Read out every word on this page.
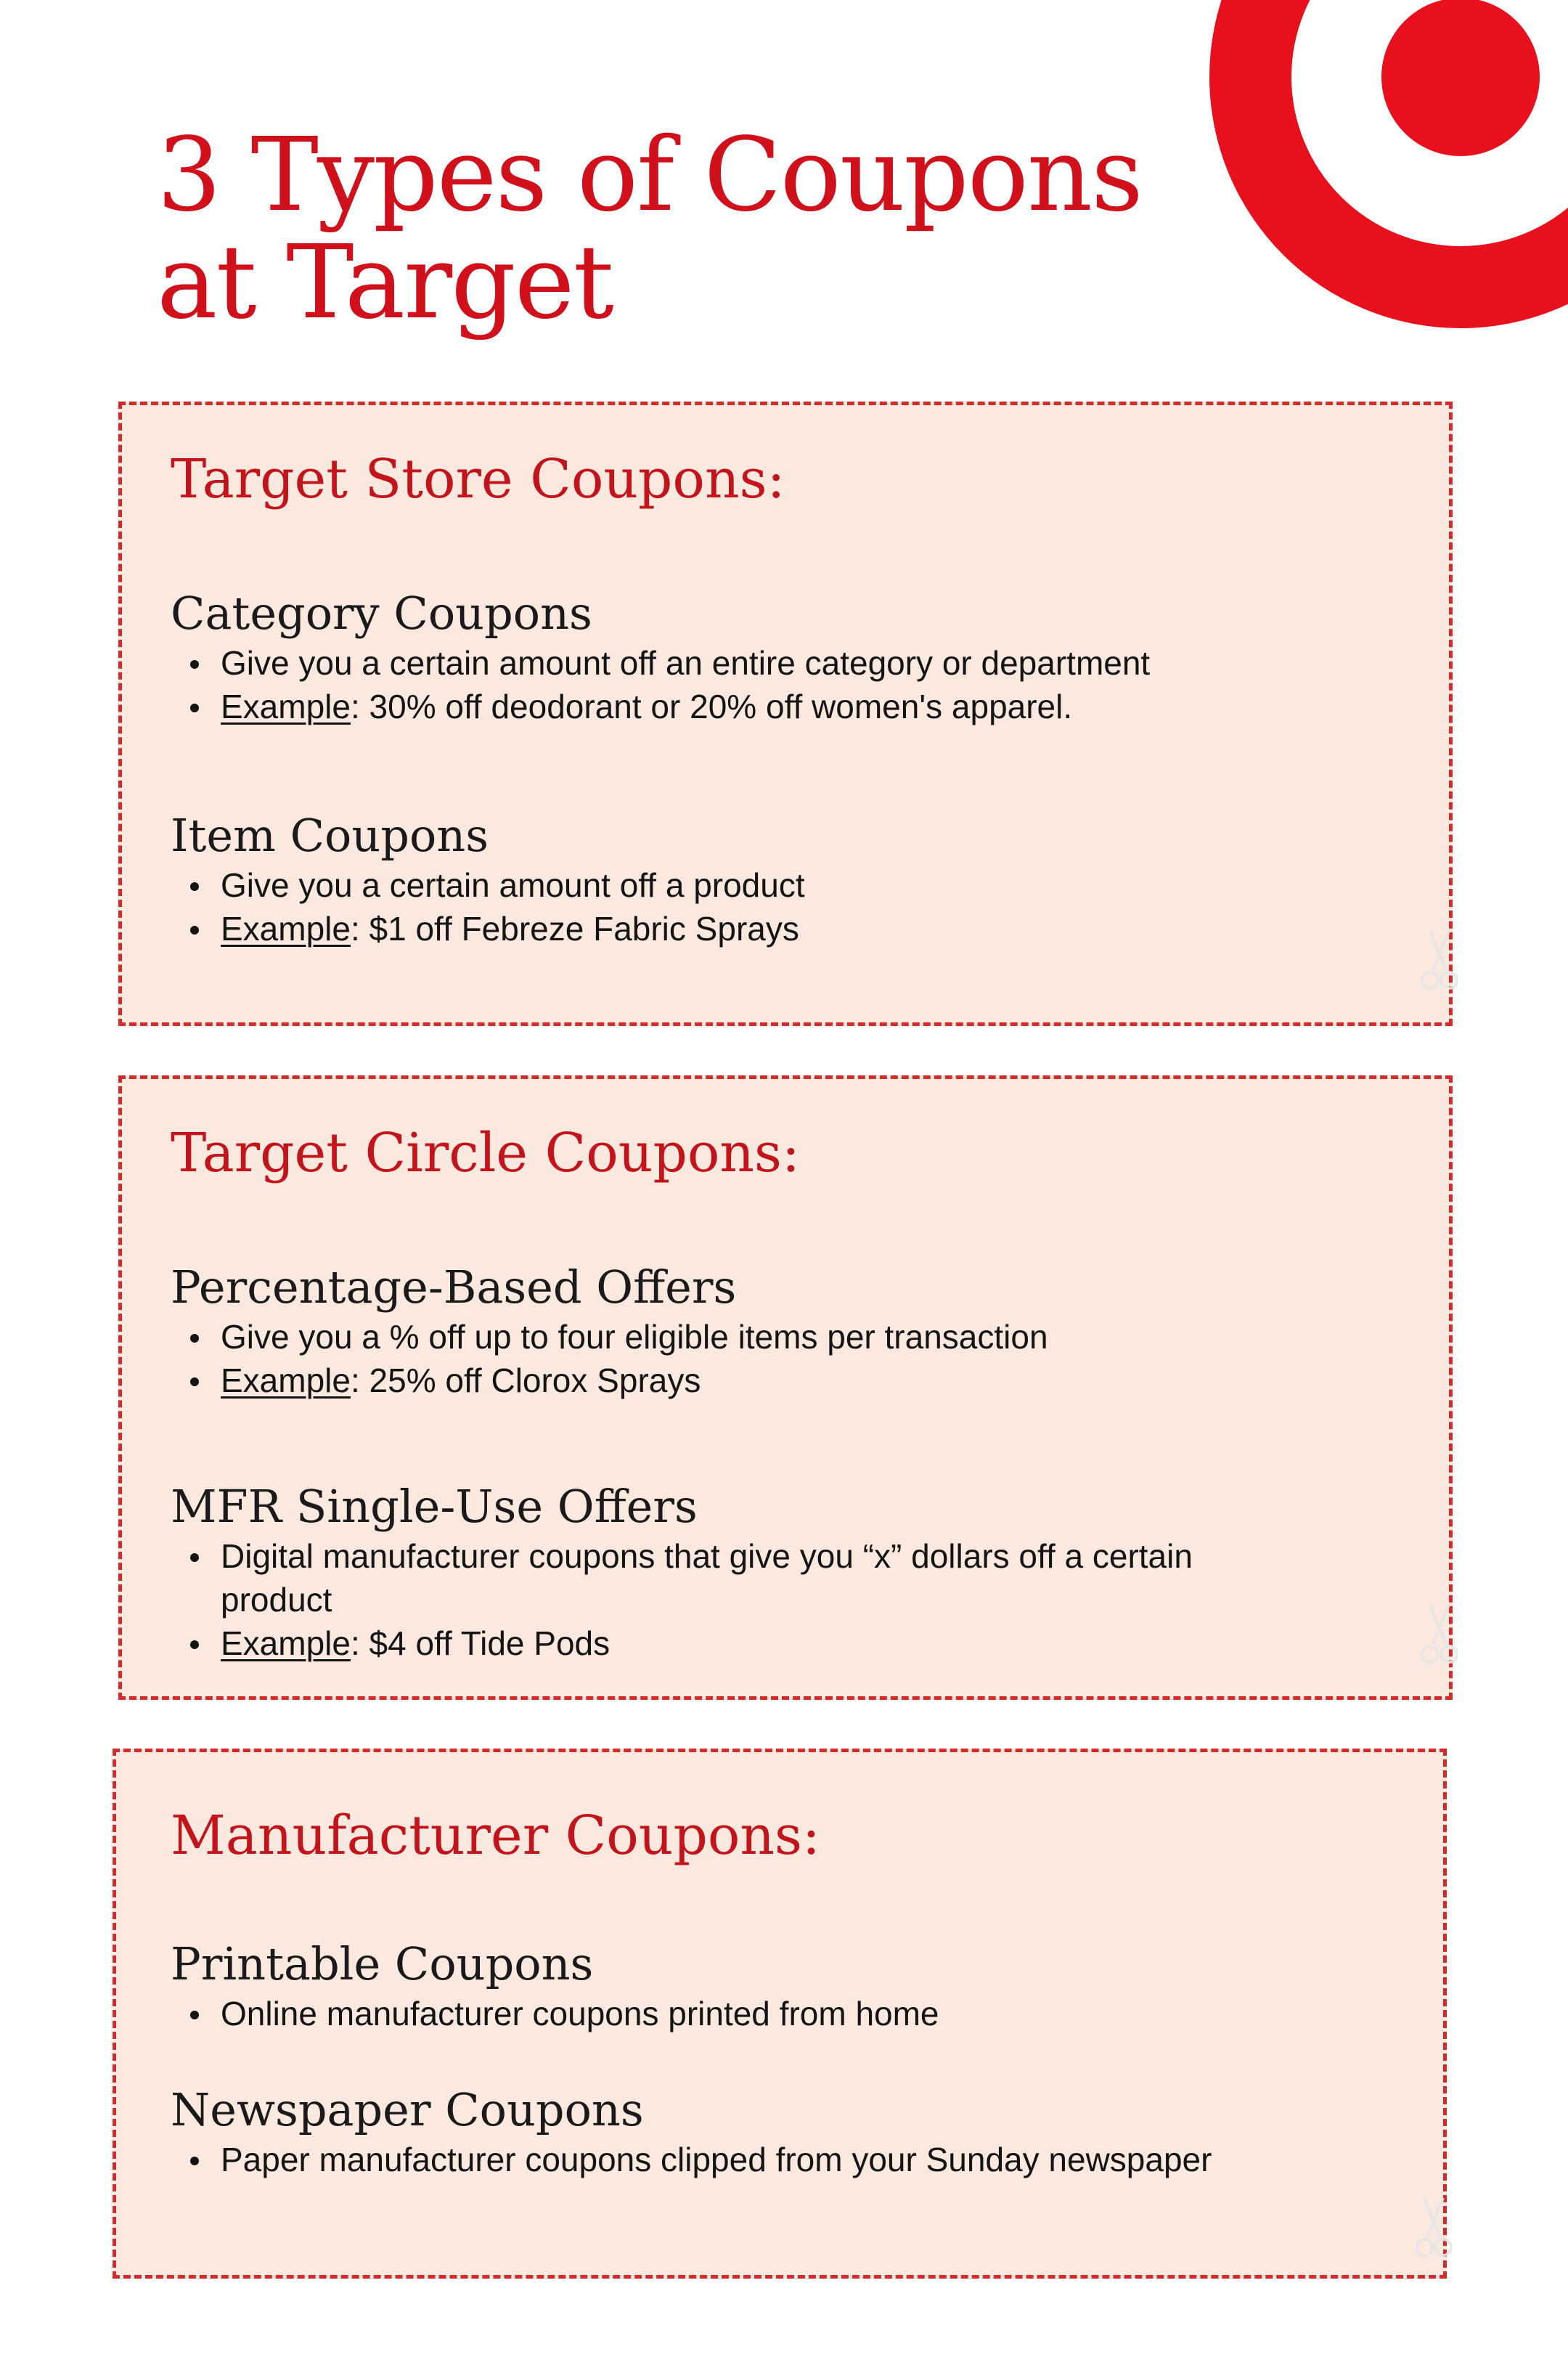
3 Types of Coupons
at Target
Target Store Coupons:
Category Coupons
Give you a certain amount off an entire category or department
Example: 30% off deodorant or 20% off women's apparel.
Item Coupons
Give you a certain amount off a product
Example: $1 off Febreze Fabric Sprays
Target Circle Coupons:
Percentage-Based Offers
Give you a % off up to four eligible items per transaction
Example: 25% off Clorox Sprays
MFR Single-Use Offers
Digital manufacturer coupons that give you “x” dollars off a certain product
Example: $4 off Tide Pods
Manufacturer Coupons:
Printable Coupons
Online manufacturer coupons printed from home
Newspaper Coupons
Paper manufacturer coupons clipped from your Sunday newspaper
